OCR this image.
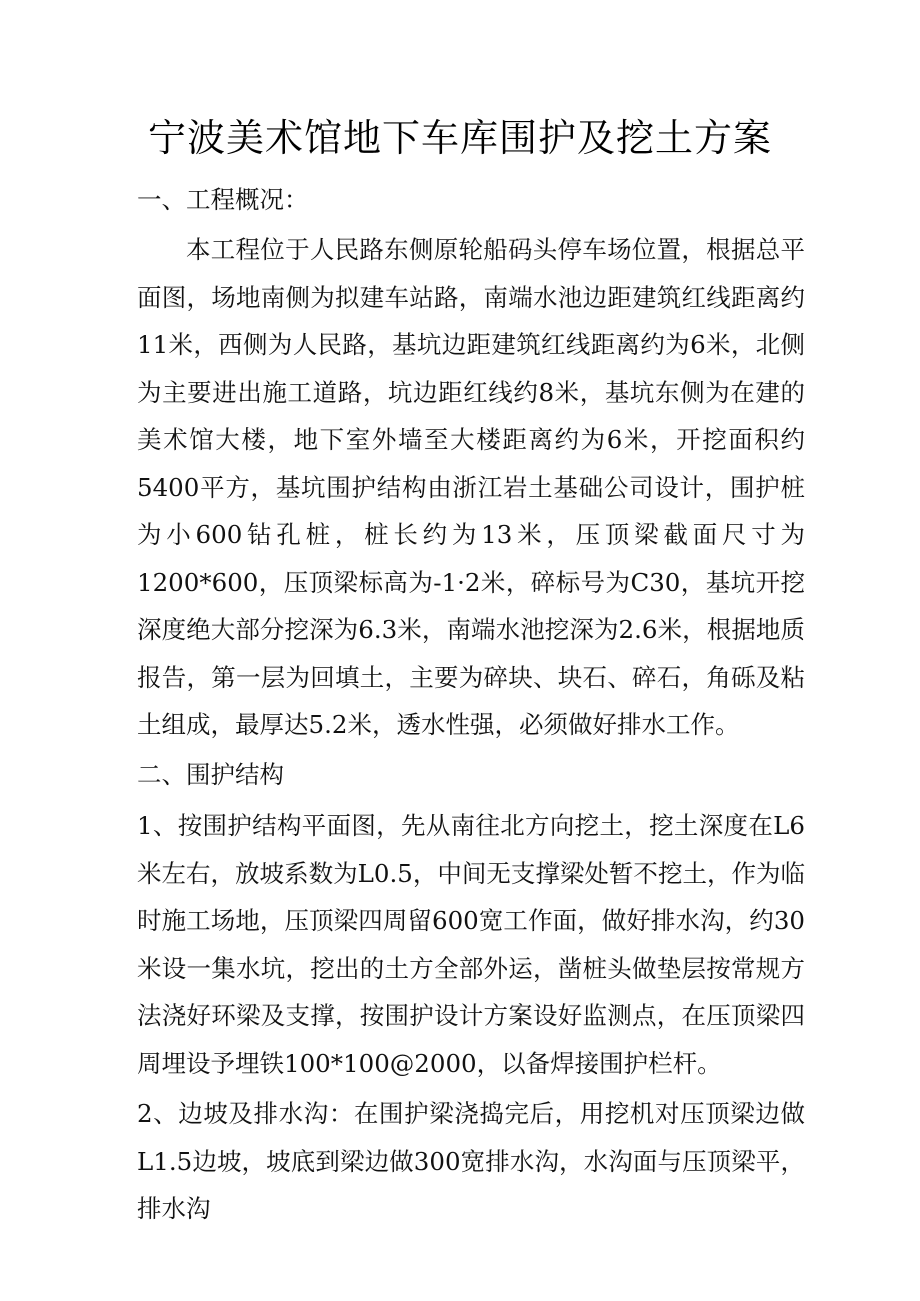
宁波美术馆地下车库围护及挖土方案

一、工程概况：

本工程位于人民路东侧原轮船码头停车场位置，根据总平面图，场地南侧为拟建车站路，南端水池边距建筑红线距离约11米，西侧为人民路，基坑边距建筑红线距离约为6米，北侧为主要进出施工道路，坑边距红线约8米，基坑东侧为在建的美术馆大楼，地下室外墙至大楼距离约为6米，开挖面积约5400平方，基坑围护结构由浙江岩土基础公司设计，围护桩为小600钻孔桩，桩长约为13米，压顶梁截面尺寸为1200*600，压顶梁标高为-1·2米，碎标号为C30，基坑开挖深度绝大部分挖深为6.3米，南端水池挖深为2.6米，根据地质报告，第一层为回填土，主要为碎块、块石、碎石，角砾及粘土组成，最厚达5.2米，透水性强，必须做好排水工作。

二、围护结构

1、按围护结构平面图，先从南往北方向挖土，挖土深度在L6米左右，放坡系数为L0.5，中间无支撑梁处暂不挖土，作为临时施工场地，压顶梁四周留600宽工作面，做好排水沟，约30米设一集水坑，挖出的土方全部外运，凿桩头做垫层按常规方法浇好环梁及支撑，按围护设计方案设好监测点，在压顶梁四周埋设予埋铁100*100@2000，以备焊接围护栏杆。

2、边坡及排水沟：在围护梁浇捣完后，用挖机对压顶梁边做L1.5边坡，坡底到梁边做300宽排水沟，水沟面与压顶梁平，排水沟
